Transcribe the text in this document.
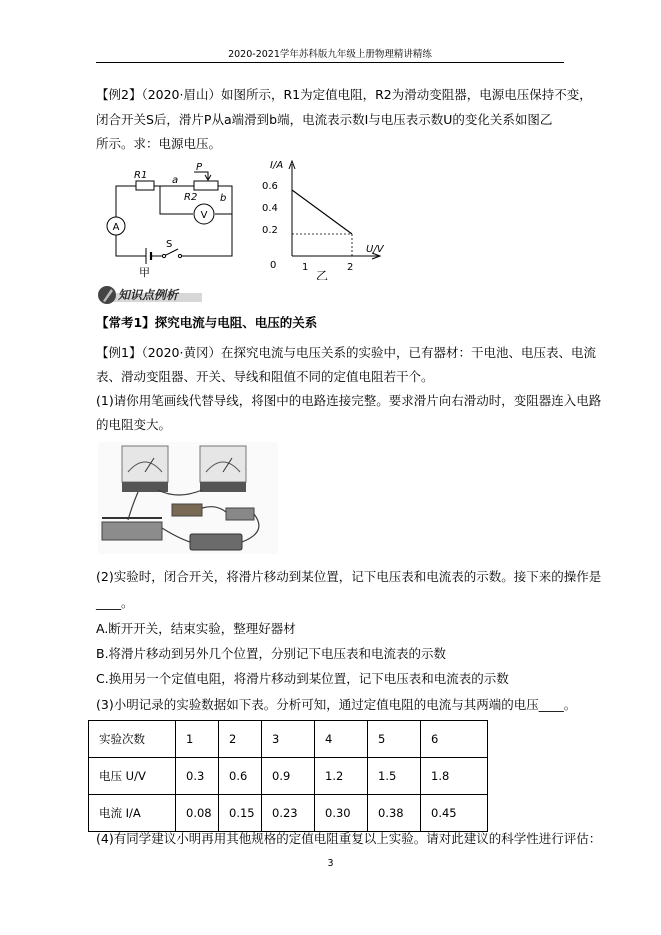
2020-2021学年苏科版九年级上册物理精讲精练
【例2】（2020·眉山）如图所示，R1为定值电阻，R2为滑动变阻器，电源电压保持不变，
闭合开关S后，滑片P从a端滑到b端，电流表示数I与电压表示数U的变化关系如图乙
所示。求：电源电压。
A
V
R1 a
b
R2
P
S
甲
I/A
U/V
0	1	2
0.6
0.4
0.2
乙
知识点例析
【常考1】探究电流与电阻、电压的关系
【例1】（2020·黄冈）在探究电流与电压关系的实验中，已有器材：干电池、电压表、电流
表、滑动变阻器、开关、导线和阻值不同的定值电阻若干个。
(1)请你用笔画线代替导线，将图中的电路连接完整。要求滑片向右滑动时，变阻器连入电路
的电阻变大。
(2)实验时，闭合开关，将滑片移动到某位置，记下电压表和电流表的示数。接下来的操作是
____。
A.断开开关，结束实验，整理好器材
B.将滑片移动到另外几个位置，分别记下电压表和电流表的示数
C.换用另一个定值电阻，将滑片移动到某位置，记下电压表和电流表的示数
(3)小明记录的实验数据如下表。分析可知，通过定值电阻的电流与其两端的电压____。
实验次数	1	2	3	4	5	6
电压 U/V	0.3	0.6	0.9	1.2	1.5	1.8
电流 I/A	0.08	0.15	0.23	0.30	0.38	0.45
(4)有同学建议小明再用其他规格的定值电阻重复以上实验。请对此建议的科学性进行评估：
3
